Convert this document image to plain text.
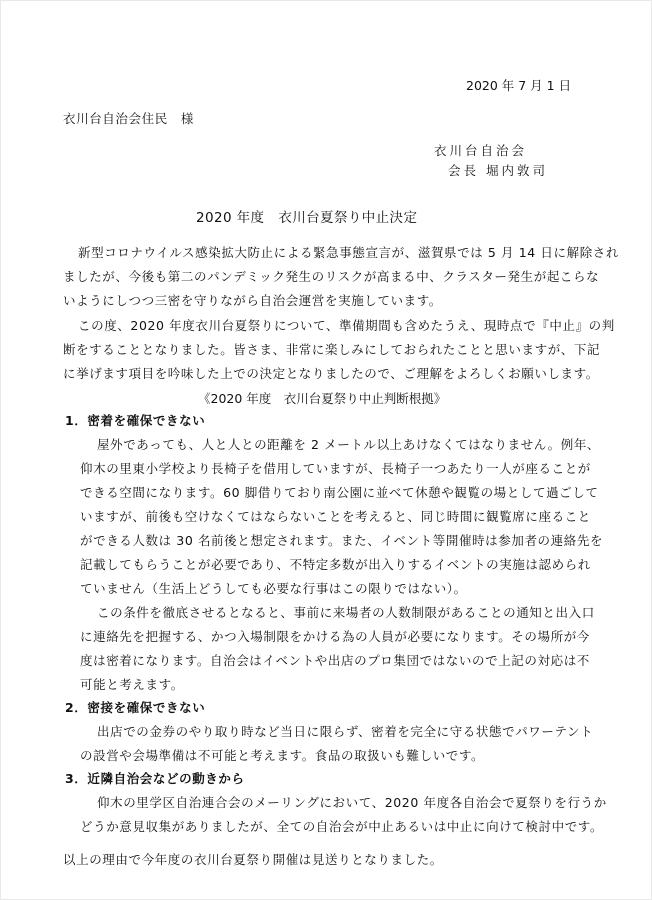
2020 年 7 月 1 日
衣川台自治会住民　様
衣川台自治会
会長 堀内敦司
2020 年度　衣川台夏祭り中止決定
新型コロナウイルス感染拡大防止による緊急事態宣言が、滋賀県では 5 月 14 日に解除され
ましたが、今後も第二のパンデミック発生のリスクが高まる中、クラスター発生が起こらな
いようにしつつ三密を守りながら自治会運営を実施しています。
この度、2020 年度衣川台夏祭りについて、準備期間も含めたうえ、現時点で『中止』の判
断をすることとなりました。皆さま、非常に楽しみにしておられたことと思いますが、下記
に挙げます項目を吟味した上での決定となりましたので、ご理解をよろしくお願いします。
《2020 年度　衣川台夏祭り中止判断根拠》
1．密着を確保できない
屋外であっても、人と人との距離を 2 メートル以上あけなくてはなりません。例年、
仰木の里東小学校より長椅子を借用していますが、長椅子一つあたり一人が座ることが
できる空間になります。60 脚借りており南公園に並べて休憩や観覧の場として過ごして
いますが、前後も空けなくてはならないことを考えると、同じ時間に観覧席に座ること
ができる人数は 30 名前後と想定されます。また、イベント等開催時は参加者の連絡先を
記載してもらうことが必要であり、不特定多数が出入りするイベントの実施は認められ
ていません（生活上どうしても必要な行事はこの限りではない）。
この条件を徹底させるとなると、事前に来場者の人数制限があることの通知と出入口
に連絡先を把握する、かつ入場制限をかける為の人員が必要になります。その場所が今
度は密着になります。自治会はイベントや出店のプロ集団ではないので上記の対応は不
可能と考えます。
2．密接を確保できない
出店での金券のやり取り時など当日に限らず、密着を完全に守る状態でパワーテント
の設営や会場準備は不可能と考えます。食品の取扱いも難しいです。
3．近隣自治会などの動きから
仰木の里学区自治連合会のメーリングにおいて、2020 年度各自治会で夏祭りを行うか
どうか意見収集がありましたが、全ての自治会が中止あるいは中止に向けて検討中です。
以上の理由で今年度の衣川台夏祭り開催は見送りとなりました。
